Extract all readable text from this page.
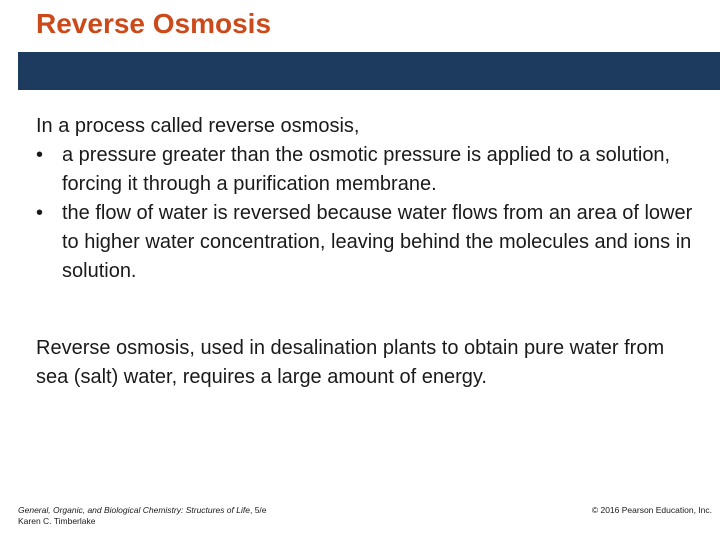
Reverse Osmosis

In a process called reverse osmosis,

• a pressure greater than the osmotic pressure is applied to a solution, forcing it through a purification membrane.
• the flow of water is reversed because water flows from an area of lower to higher water concentration, leaving behind the molecules and ions in solution.

Reverse osmosis, used in desalination plants to obtain pure water from sea (salt) water, requires a large amount of energy.

General, Organic, and Biological Chemistry: Structures of Life, 5/e
Karen C. Timberlake
© 2016 Pearson Education, Inc.
